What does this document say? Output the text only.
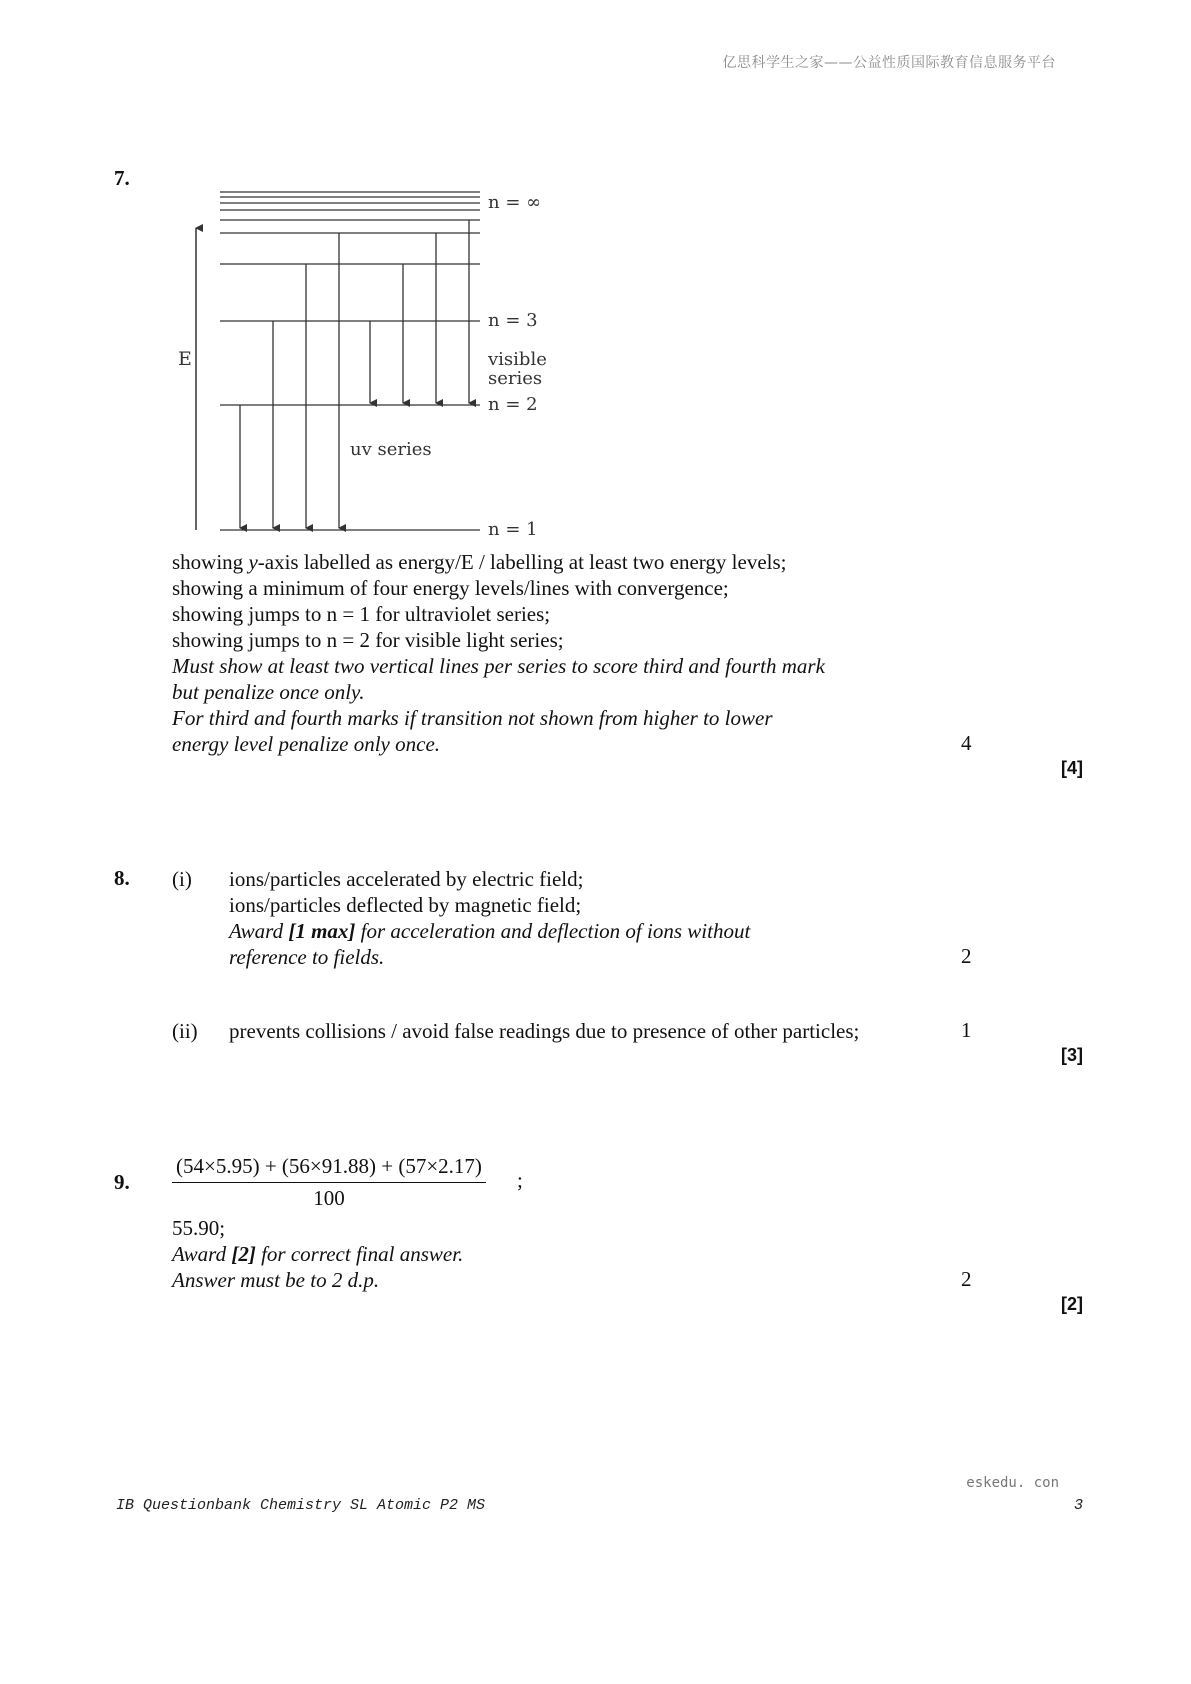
亿思科学生之家——公益性质国际教育信息服务平台
7.
E
n = ∞
n = 3
n = 2
n = 1
visible
series
uv series
showing y-axis labelled as energy/E / labelling at least two energy levels;
showing a minimum of four energy levels/lines with convergence;
showing jumps to n = 1 for ultraviolet series;
showing jumps to n = 2 for visible light series;
Must show at least two vertical lines per series to score third and fourth mark
but penalize once only.
For third and fourth marks if transition not shown from higher to lower
energy level penalize only once.	4
[4]
8. (i) ions/particles accelerated by electric field;
ions/particles deflected by magnetic field;
Award [1 max] for acceleration and deflection of ions without
reference to fields.	2
(ii) prevents collisions / avoid false readings due to presence of other particles;	1
[3]
9. $\frac{(54\times 5.95) + (56\times 91.88) + (57\times 2.17)}{100}$ ;
55.90;
Award [2] for correct final answer.
Answer must be to 2 d.p.	2
[2]
eskedu. con
IB Questionbank Chemistry SL Atomic P2 MS	3
